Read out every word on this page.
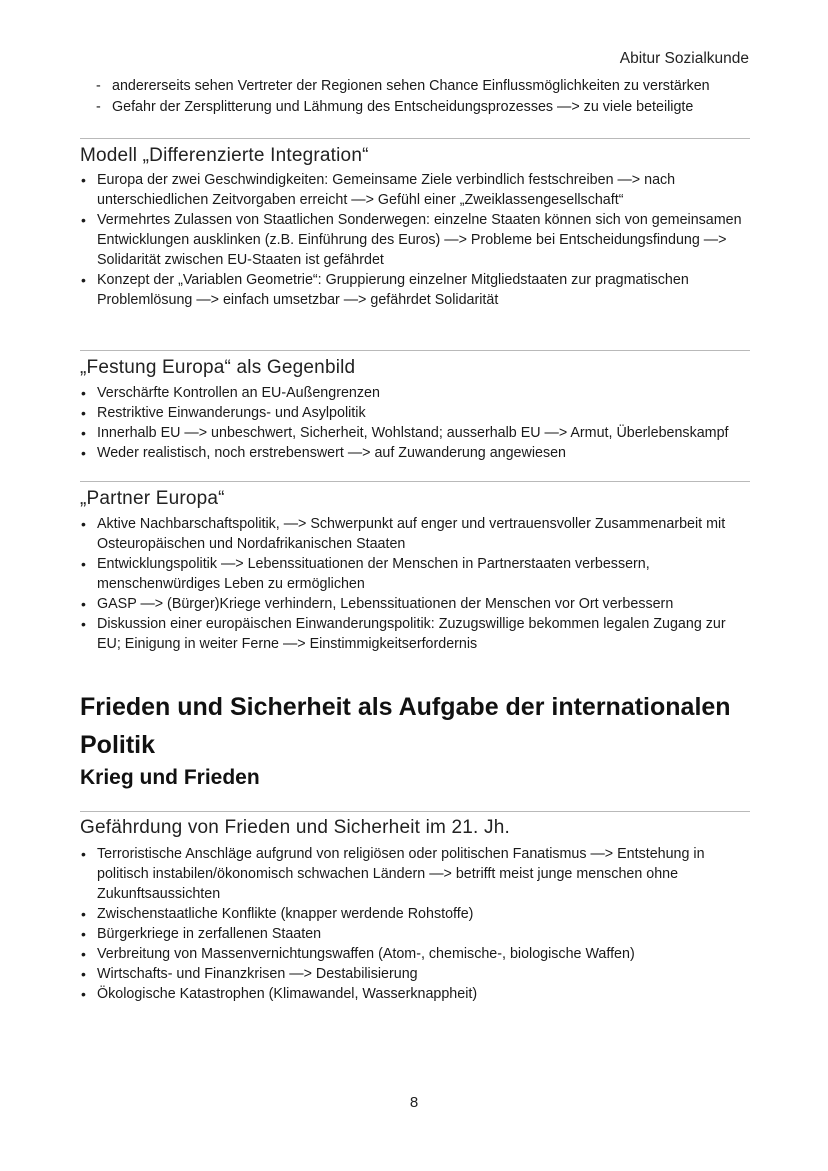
Abitur Sozialkunde
- andererseits sehen Vertreter der Regionen sehen Chance Einflussmöglichkeiten zu verstärken
- Gefahr der Zersplitterung und Lähmung des Entscheidungsprozesses —> zu viele beteiligte
Modell „Differenzierte Integration“
• Europa der zwei Geschwindigkeiten: Gemeinsame Ziele verbindlich festschreiben —> nach unterschiedlichen Zeitvorgaben erreicht —> Gefühl einer „Zweiklassengesellschaft“
• Vermehrtes Zulassen von Staatlichen Sonderwegen: einzelne Staaten können sich von gemeinsamen Entwicklungen ausklinken (z.B. Einführung des Euros) —> Probleme bei Entscheidungsfindung —> Solidarität zwischen EU-Staaten ist gefährdet
• Konzept der „Variablen Geometrie“: Gruppierung einzelner Mitgliedstaaten zur pragmatischen Problemlösung —> einfach umsetzbar —> gefährdet Solidarität
„Festung Europa“ als Gegenbild
• Verschärfte Kontrollen an EU-Außengrenzen
• Restriktive Einwanderungs- und Asylpolitik
• Innerhalb EU —> unbeschwert, Sicherheit, Wohlstand; ausserhalb EU —> Armut, Überlebenskampf
• Weder realistisch, noch erstrebenswert —> auf Zuwanderung angewiesen
„Partner Europa“
• Aktive Nachbarschaftspolitik, —> Schwerpunkt auf enger und vertrauensvoller Zusammenarbeit mit Osteuropäischen und Nordafrikanischen Staaten
• Entwicklungspolitik —> Lebenssituationen der Menschen in Partnerstaaten verbessern, menschenwürdiges Leben zu ermöglichen
• GASP —> (Bürger)Kriege verhindern, Lebenssituationen der Menschen vor Ort verbessern
• Diskussion einer europäischen Einwanderungspolitik: Zuzugswillige bekommen legalen Zugang zur EU; Einigung in weiter Ferne —> Einstimmigkeitserfordernis
Frieden und Sicherheit als Aufgabe der internationalen Politik
Krieg und Frieden
Gefährdung von Frieden und Sicherheit im 21. Jh.
• Terroristische Anschläge aufgrund von religiösen oder politischen Fanatismus —> Entstehung in politisch instabilen/ökonomisch schwachen Ländern —> betrifft meist junge menschen ohne Zukunftsaussichten
• Zwischenstaatliche Konflikte (knapper werdende Rohstoffe)
• Bürgerkriege in zerfallenen Staaten
• Verbreitung von Massenvernichtungswaffen (Atom-, chemische-, biologische Waffen)
• Wirtschafts- und Finanzkrisen —> Destabilisierung
• Ökologische Katastrophen (Klimawandel, Wasserknappheit)
8
